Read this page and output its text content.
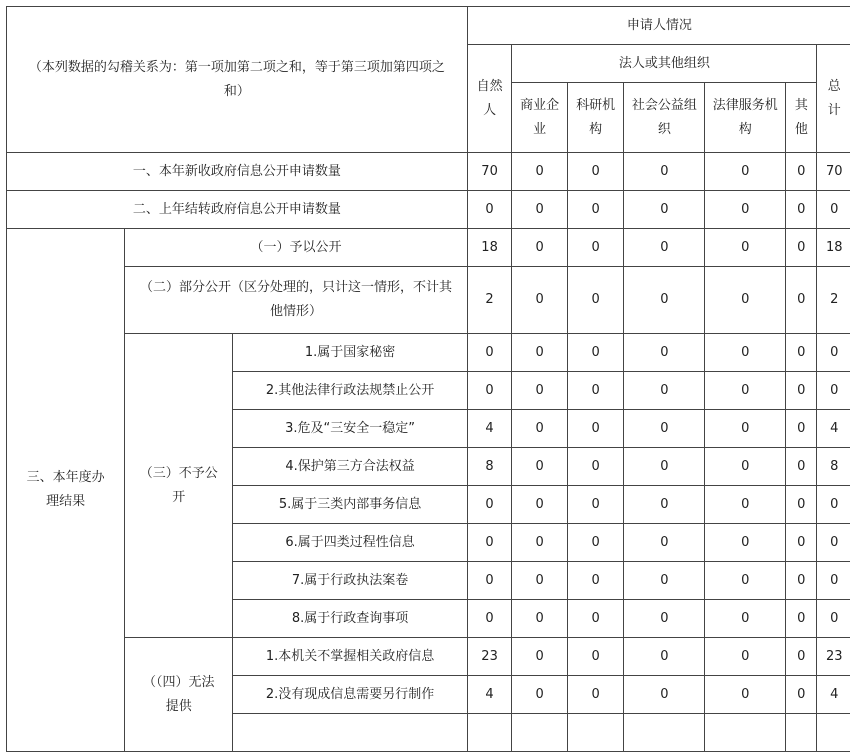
（本列数据的勾稽关系为：第一项加第二项之和，等于第三项加第四项之和）			申请人情况						
			自然人	法人或其他组织					总计
				商业企业	科研机构	社会公益组织	法律服务机构	其他	
一、本年新收政府信息公开申请数量			70	0	0	0	0	0	70
二、上年结转政府信息公开申请数量			0	0	0	0	0	0	0
三、本年度办理结果	（一）予以公开		18	0	0	0	0	0	18
	（二）部分公开（区分处理的，只计这一情形，不计其他情形）		2	0	0	0	0	0	2
	（三）不予公开	1.属于国家秘密	0	0	0	0	0	0	0
		2.其他法律行政法规禁止公开	0	0	0	0	0	0	0
		3.危及“三安全一稳定”	4	0	0	0	0	0	4
		4.保护第三方合法权益	8	0	0	0	0	0	8
		5.属于三类内部事务信息	0	0	0	0	0	0	0
		6.属于四类过程性信息	0	0	0	0	0	0	0
		7.属于行政执法案卷	0	0	0	0	0	0	0
		8.属于行政查询事项	0	0	0	0	0	0	0
	（（四）无法提供	1.本机关不掌握相关政府信息	23	0	0	0	0	0	23
		2.没有现成信息需要另行制作	4	0	0	0	0	0	4
